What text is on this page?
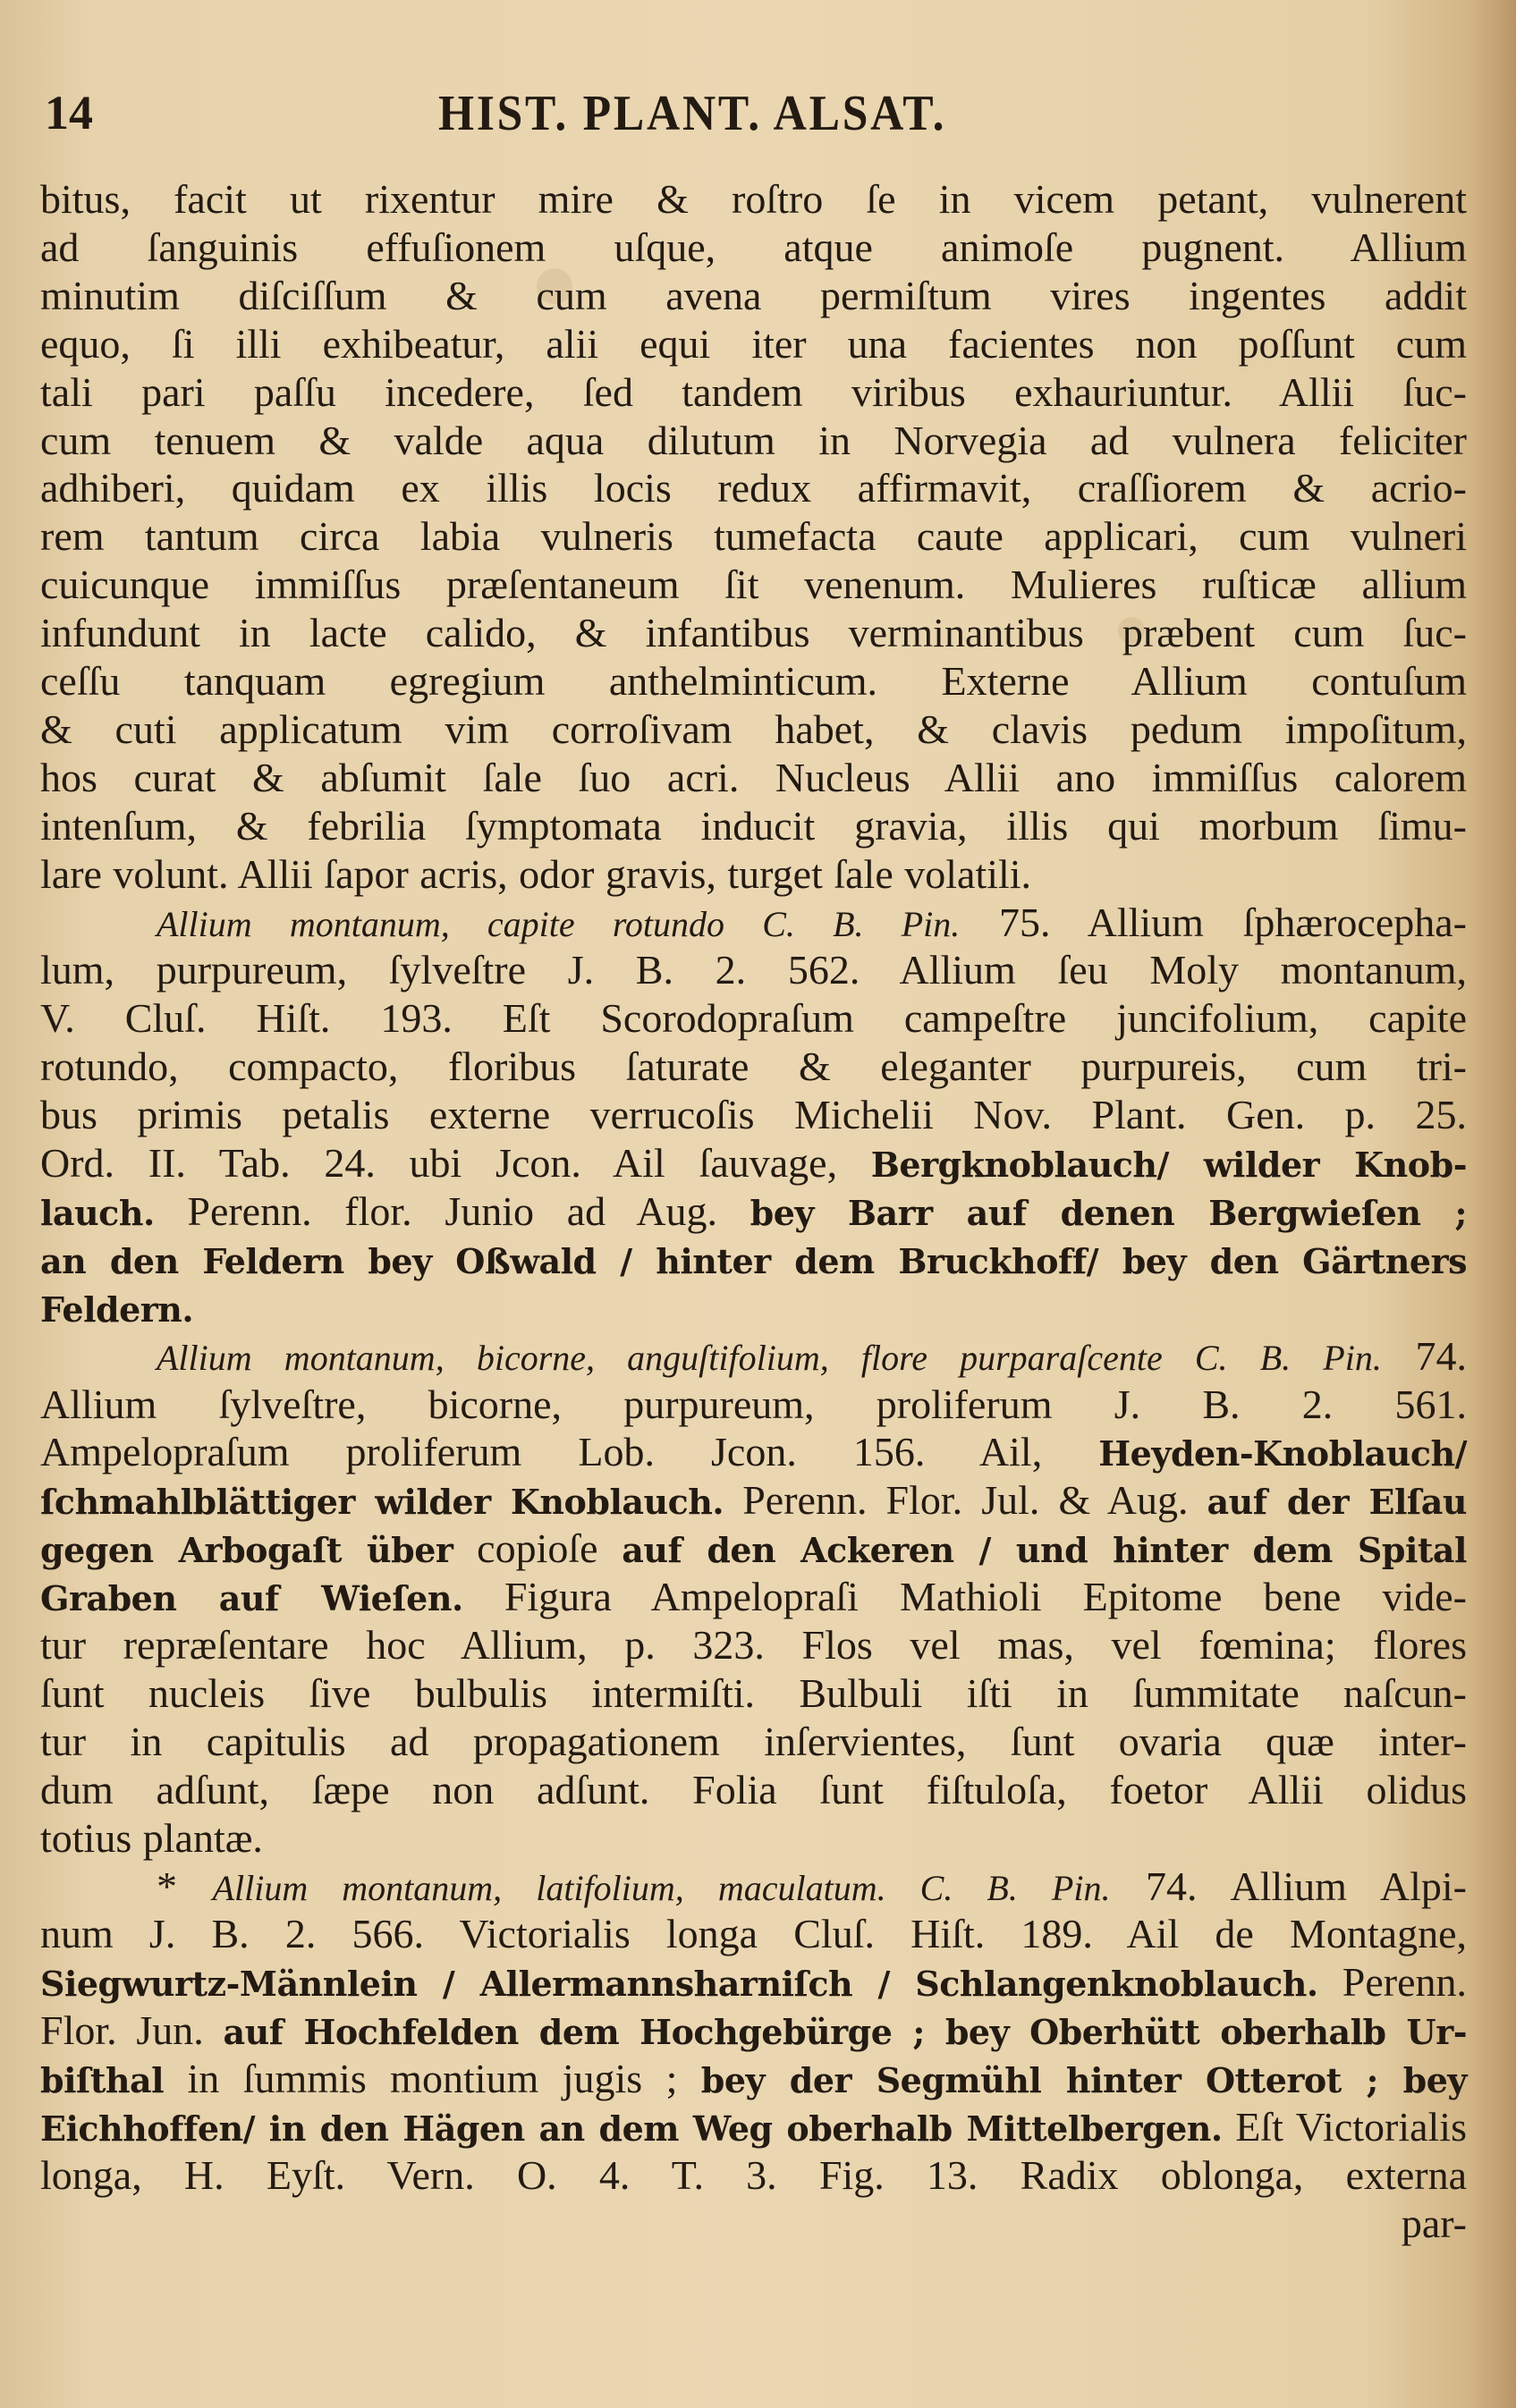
14	HIST. PLANT. ALSAT.
bitus, facit ut rixentur mire & roſtro ſe in vicem petant, vulnerent
ad ſanguinis effuſionem uſque, atque animoſe pugnent. Allium
minutim diſciſſum & cum avena permiſtum vires ingentes addit
equo, ſi illi exhibeatur, alii equi iter una facientes non poſſunt cum
tali pari paſſu incedere, ſed tandem viribus exhauriuntur. Allii ſuc-
cum tenuem & valde aqua dilutum in Norvegia ad vulnera feliciter
adhiberi, quidam ex illis locis redux affirmavit, craſſiorem & acrio-
rem tantum circa labia vulneris tumefacta caute applicari, cum vulneri
cuicunque immiſſus præſentaneum ſit venenum. Mulieres ruſticæ allium
infundunt in lacte calido, & infantibus verminantibus præbent cum ſuc-
ceſſu tanquam egregium anthelminticum. Externe Allium contuſum
& cuti applicatum vim corroſivam habet, & clavis pedum impoſitum,
hos curat & abſumit ſale ſuo acri. Nucleus Allii ano immiſſus calorem
intenſum, & febrilia ſymptomata inducit gravia, illis qui morbum ſimu-
lare volunt. Allii ſapor acris, odor gravis, turget ſale volatili.
Allium montanum, capite rotundo C. B. Pin. 75. Allium ſphærocepha-
lum, purpureum, ſylveſtre J. B. 2. 562. Allium ſeu Moly montanum,
V. Cluſ. Hiſt. 193. Eſt Scorodopraſum campeſtre juncifolium, capite
rotundo, compacto, floribus ſaturate & eleganter purpureis, cum tri-
bus primis petalis externe verrucoſis Michelii Nov. Plant. Gen. p. 25.
Ord. II. Tab. 24. ubi Jcon. Ail ſauvage, Bergknoblauch/ wilder Knob-
lauch. Perenn. flor. Junio ad Aug. bey Barr auf denen Bergwieſen ;
an den Feldern bey Oßwald / hinter dem Bruckhoff/ bey den Gärtners
Feldern.
Allium montanum, bicorne, anguſtifolium, flore purparaſcente C. B. Pin. 74.
Allium ſylveſtre, bicorne, purpureum, proliferum J. B. 2. 561.
Ampelopraſum proliferum Lob. Jcon. 156. Ail, Heyden-Knoblauch/
ſchmahlblättiger wilder Knoblauch. Perenn. Flor. Jul. & Aug. auf der Elſau
gegen Arbogaſt über copioſe auf den Ackeren / und hinter dem Spital
Graben auf Wieſen. Figura Ampelopraſi Mathioli Epitome bene vide-
tur repræſentare hoc Allium, p. 323. Flos vel mas, vel fœmina; flores
ſunt nucleis ſive bulbulis intermiſti. Bulbuli iſti in ſummitate naſcun-
tur in capitulis ad propagationem inſervientes, ſunt ovaria quæ inter-
dum adſunt, ſæpe non adſunt. Folia ſunt fiſtuloſa, foetor Allii olidus
totius plantæ.
* Allium montanum, latifolium, maculatum. C. B. Pin. 74. Allium Alpi-
num J. B. 2. 566. Victorialis longa Cluſ. Hiſt. 189. Ail de Montagne,
Siegwurtz-Männlein / Allermannsharniſch / Schlangenknoblauch. Perenn.
Flor. Jun. auf Hochfelden dem Hochgebürge ; bey Oberhütt oberhalb Ur-
biſthal in ſummis montium jugis ; bey der Segmühl hinter Otterot ; bey
Eichhoffen/ in den Hägen an dem Weg oberhalb Mittelbergen. Eſt Victorialis
longa, H. Eyſt. Vern. O. 4. T. 3. Fig. 13. Radix oblonga, externa
par-
